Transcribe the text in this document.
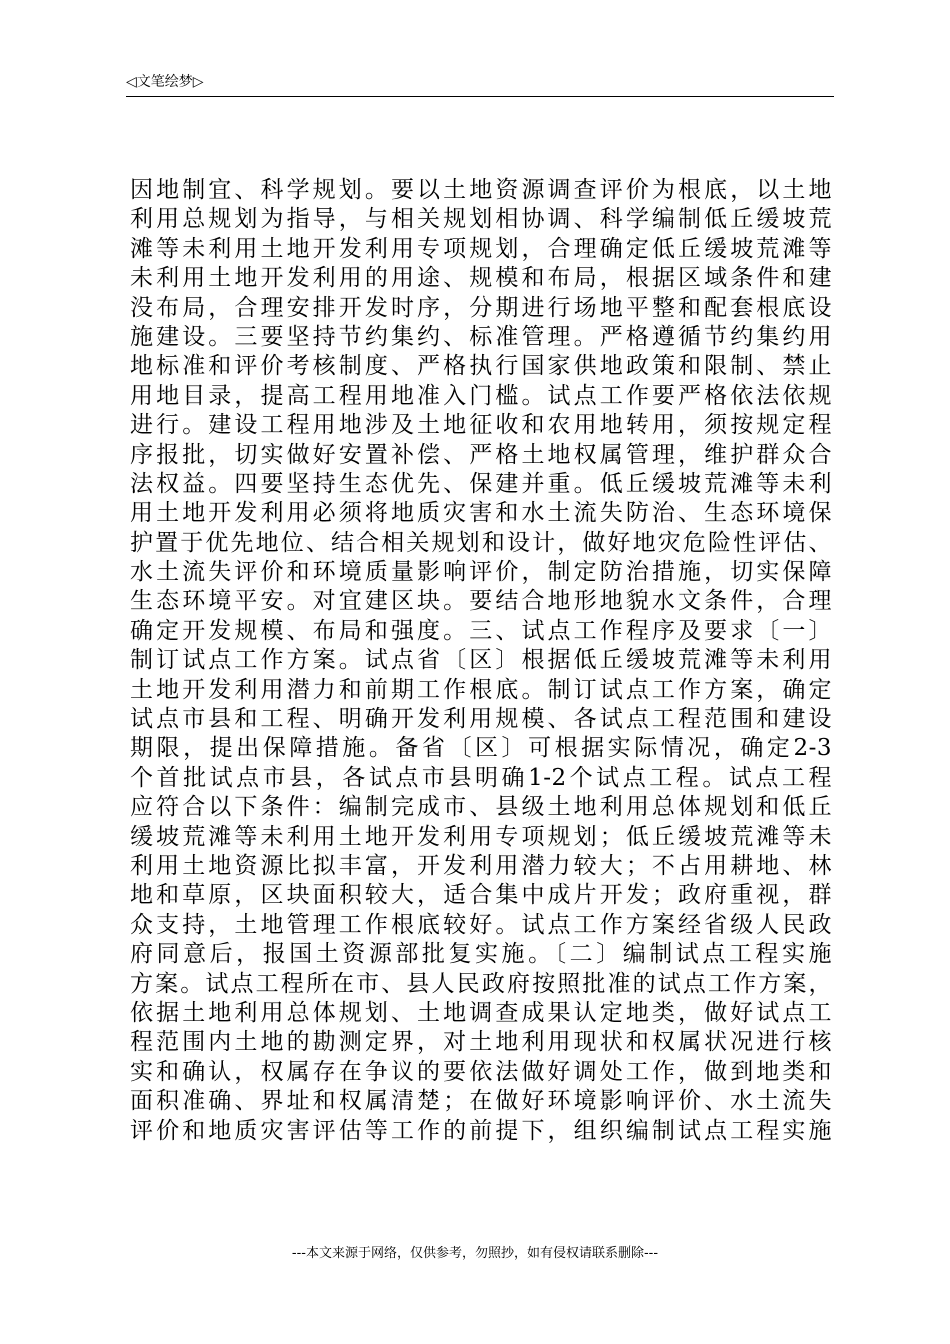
◁文笔绘梦▷
因地制宜、科学规划。要以土地资源调查评价为根底，以土地
利用总规划为指导，与相关规划相协调、科学编制低丘缓坡荒
滩等未利用土地开发利用专项规划，合理确定低丘缓坡荒滩等
未利用土地开发利用的用途、规模和布局，根据区域条件和建
没布局，合理安排开发时序，分期进行场地平整和配套根底设
施建设。三要坚持节约集约、标准管理。严格遵循节约集约用
地标准和评价考核制度、严格执行国家供地政策和限制、禁止
用地目录，提高工程用地准入门槛。试点工作要严格依法依规
进行。建设工程用地涉及土地征收和农用地转用，须按规定程
序报批，切实做好安置补偿、严格土地权属管理，维护群众合
法权益。四要坚持生态优先、保建并重。低丘缓坡荒滩等未利
用土地开发利用必须将地质灾害和水土流失防治、生态环境保
护置于优先地位、结合相关规划和设计，做好地灾危险性评估、
水土流失评价和环境质量影响评价，制定防治措施，切实保障
生态环境平安。对宜建区块。要结合地形地貌水文条件，合理
确定开发规模、布局和强度。三、试点工作程序及要求〔一〕
制订试点工作方案。试点省〔区〕根据低丘缓坡荒滩等未利用
土地开发利用潜力和前期工作根底。制订试点工作方案，确定
试点市县和工程、明确开发利用规模、各试点工程范围和建设
期限，提出保障措施。备省〔区〕可根据实际情况，确定2-3
个首批试点市县，各试点市县明确1-2个试点工程。试点工程
应符合以下条件：编制完成市、县级土地利用总体规划和低丘
缓坡荒滩等未利用土地开发利用专项规划；低丘缓坡荒滩等未
利用土地资源比拟丰富，开发利用潜力较大；不占用耕地、林
地和草原，区块面积较大，适合集中成片开发；政府重视，群
众支持，土地管理工作根底较好。试点工作方案经省级人民政
府同意后，报国土资源部批复实施。〔二〕编制试点工程实施
方案。试点工程所在市、县人民政府按照批准的试点工作方案，
依据土地利用总体规划、土地调查成果认定地类，做好试点工
程范围内土地的勘测定界，对土地利用现状和权属状况进行核
实和确认，权属存在争议的要依法做好调处工作，做到地类和
面积准确、界址和权属清楚；在做好环境影响评价、水土流失
评价和地质灾害评估等工作的前提下，组织编制试点工程实施
---本文来源于网络，仅供参考，勿照抄，如有侵权请联系删除---
